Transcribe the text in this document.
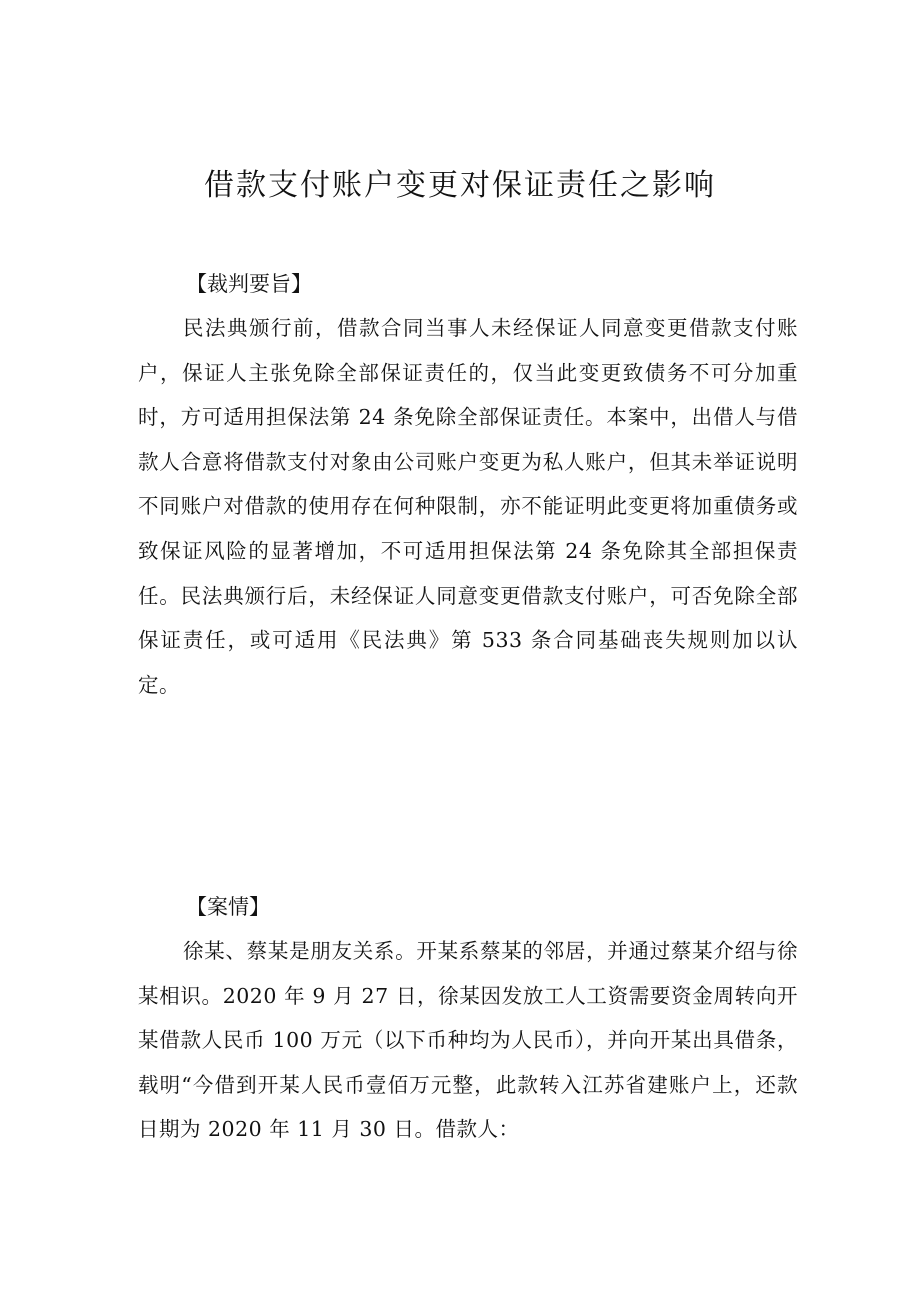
借款支付账户变更对保证责任之影响

【裁判要旨】

民法典颁行前，借款合同当事人未经保证人同意变更借款支付账户，保证人主张免除全部保证责任的，仅当此变更致债务不可分加重时，方可适用担保法第 24 条免除全部保证责任。本案中，出借人与借款人合意将借款支付对象由公司账户变更为私人账户，但其未举证说明不同账户对借款的使用存在何种限制，亦不能证明此变更将加重债务或致保证风险的显著增加，不可适用担保法第 24 条免除其全部担保责任。民法典颁行后，未经保证人同意变更借款支付账户，可否免除全部保证责任，或可适用《民法典》第 533 条合同基础丧失规则加以认定。

【案情】

徐某、蔡某是朋友关系。开某系蔡某的邻居，并通过蔡某介绍与徐某相识。2020 年 9 月 27 日，徐某因发放工人工资需要资金周转向开某借款人民币 100 万元（以下币种均为人民币），并向开某出具借条，载明“今借到开某人民币壹佰万元整，此款转入江苏省建账户上，还款日期为 2020 年 11 月 30 日。借款人：
